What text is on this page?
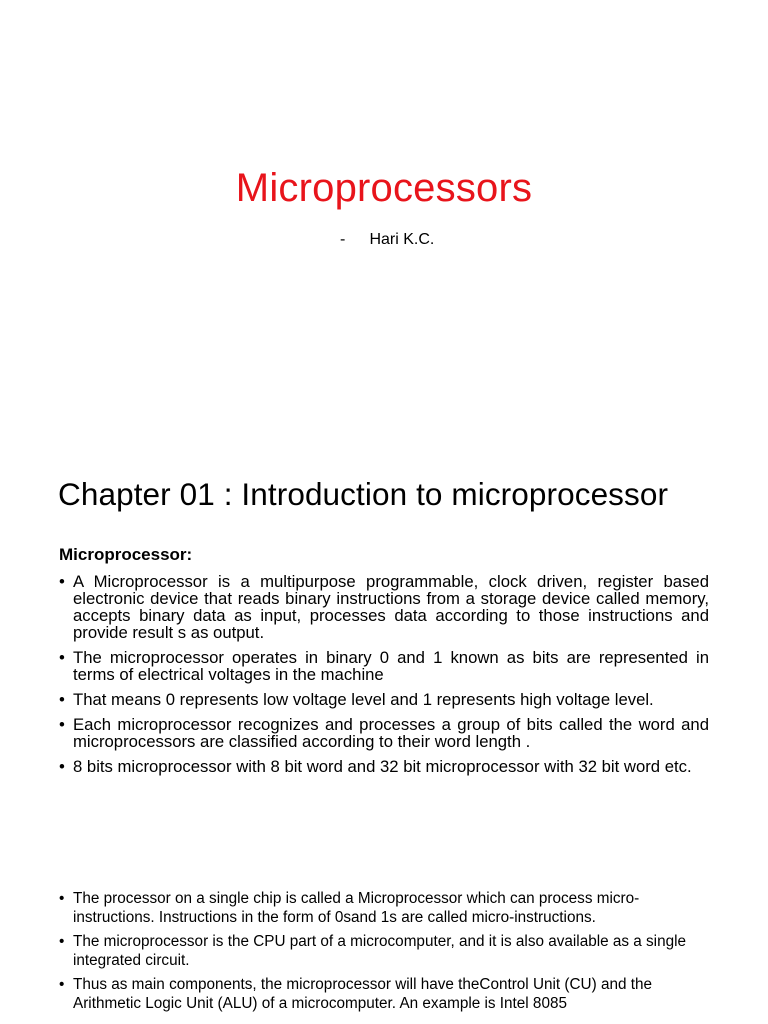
Microprocessors
- Hari K.C.
Chapter 01 : Introduction to microprocessor
Microprocessor:
• A Microprocessor is a multipurpose programmable, clock driven, register based electronic device that reads binary instructions from a storage device called memory, accepts binary data as input, processes data according to those instructions and provide result s as output.
• The microprocessor operates in binary 0 and 1 known as bits are represented in terms of electrical voltages in the machine
• That means 0 represents low voltage level and 1 represents high voltage level.
• Each microprocessor recognizes and processes a group of bits called the word and microprocessors are classified according to their word length .
• 8 bits microprocessor with 8 bit word and 32 bit microprocessor with 32 bit word etc.
• The processor on a single chip is called a Microprocessor which can process micro-instructions. Instructions in the form of 0sand 1s are called micro-instructions.
• The microprocessor is the CPU part of a microcomputer, and it is also available as a single integrated circuit.
• Thus as main components, the microprocessor will have theControl Unit (CU) and the Arithmetic Logic Unit (ALU) of a microcomputer. An example is Intel 8085
